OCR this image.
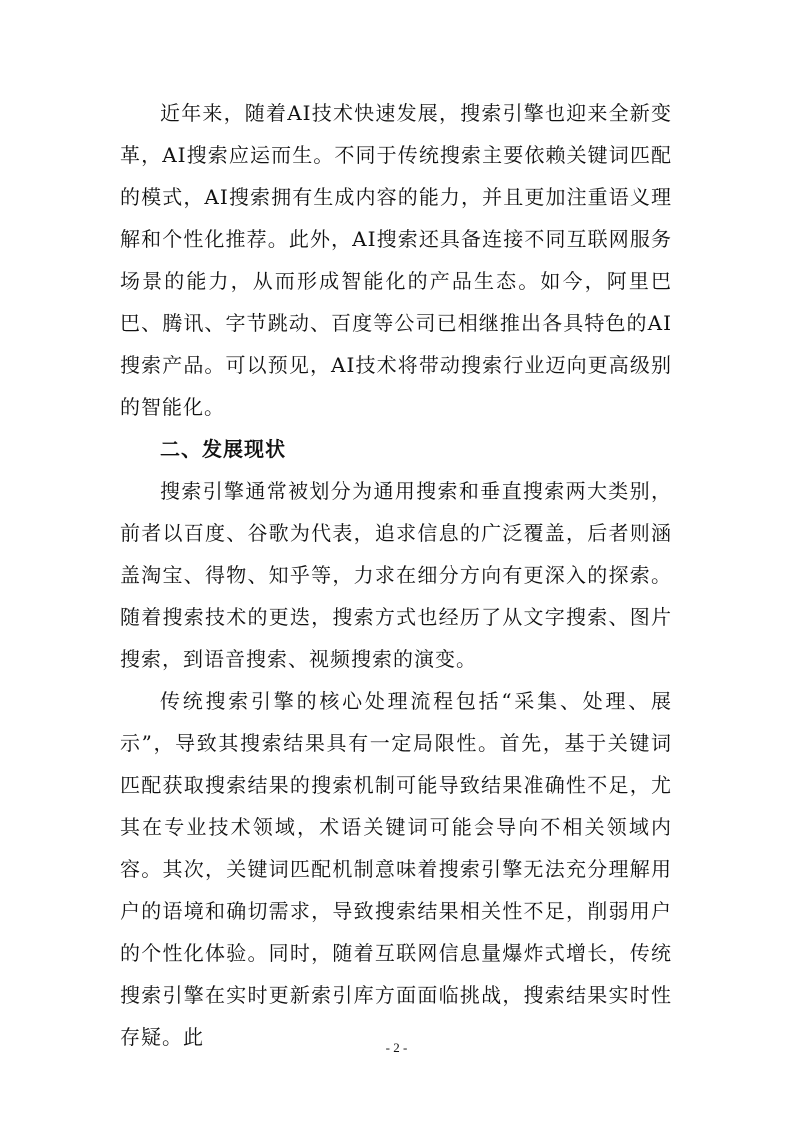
近年来，随着AI技术快速发展，搜索引擎也迎来全新变革，AI搜索应运而生。不同于传统搜索主要依赖关键词匹配的模式，AI搜索拥有生成内容的能力，并且更加注重语义理解和个性化推荐。此外，AI搜索还具备连接不同互联网服务场景的能力，从而形成智能化的产品生态。如今，阿里巴巴、腾讯、字节跳动、百度等公司已相继推出各具特色的AI搜索产品。可以预见，AI技术将带动搜索行业迈向更高级别的智能化。

二、发展现状

搜索引擎通常被划分为通用搜索和垂直搜索两大类别，前者以百度、谷歌为代表，追求信息的广泛覆盖，后者则涵盖淘宝、得物、知乎等，力求在细分方向有更深入的探索。随着搜索技术的更迭，搜索方式也经历了从文字搜索、图片搜索，到语音搜索、视频搜索的演变。

传统搜索引擎的核心处理流程包括“采集、处理、展示”，导致其搜索结果具有一定局限性。首先，基于关键词匹配获取搜索结果的搜索机制可能导致结果准确性不足，尤其在专业技术领域，术语关键词可能会导向不相关领域内容。其次，关键词匹配机制意味着搜索引擎无法充分理解用户的语境和确切需求，导致搜索结果相关性不足，削弱用户的个性化体验。同时，随着互联网信息量爆炸式增长，传统搜索引擎在实时更新索引库方面面临挑战，搜索结果实时性存疑。此	- 2 -
